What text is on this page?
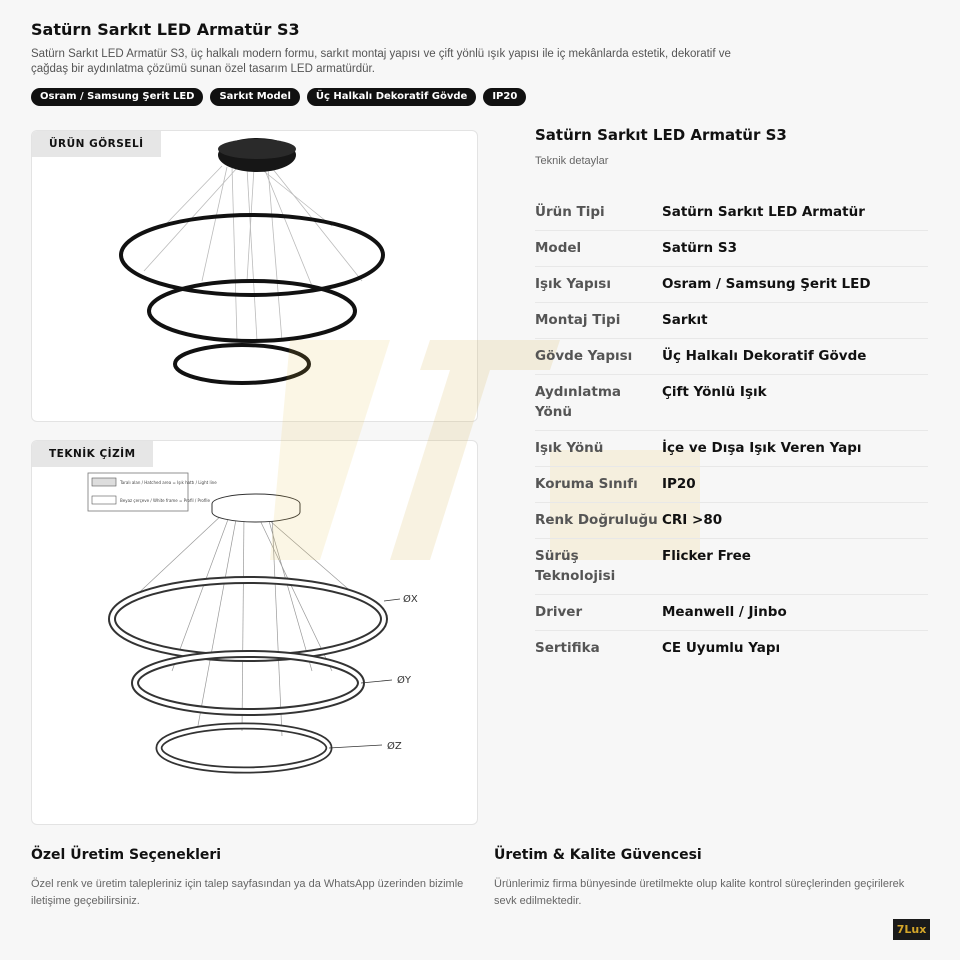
Satürn Sarkıt LED Armatür S3

Satürn Sarkıt LED Armatür S3, üç halkalı modern formu, sarkıt montaj yapısı ve çift yönlü ışık yapısı ile iç mekânlarda estetik, dekoratif ve çağdaş bir aydınlatma çözümü sunan özel tasarım LED armatürdür.

Osram / Samsung Şerit LED	Sarkıt Model	Üç Halkalı Dekoratif Gövde	IP20
ÜRÜN GÖRSELİ
TEKNİK ÇİZİM
Taralı alan / Hatched area = Işık hattı / Light line
Beyaz çerçeve / White frame = Profil / Profile
ØX
ØY
ØZ
Satürn Sarkıt LED Armatür S3
Teknik detaylar
Ürün Tipi	Satürn Sarkıt LED Armatür
Model	Satürn S3
Işık Yapısı	Osram / Samsung Şerit LED
Montaj Tipi	Sarkıt
Gövde Yapısı	Üç Halkalı Dekoratif Gövde
Aydınlatma Yönü	Çift Yönlü Işık
Işık Yönü	İçe ve Dışa Işık Veren Yapı
Koruma Sınıfı	IP20
Renk Doğruluğu	CRI >80
Sürüş Teknolojisi	Flicker Free
Driver	Meanwell / Jinbo
Sertifika	CE Uyumlu Yapı
Özel Üretim Seçenekleri

Özel renk ve üretim talepleriniz için talep sayfasından ya da WhatsApp üzerinden bizimle iletişime geçebilirsiniz.

Üretim & Kalite Güvencesi

Ürünlerimiz firma bünyesinde üretilmekte olup kalite kontrol süreçlerinden geçirilerek sevk edilmektedir.

7Lux
